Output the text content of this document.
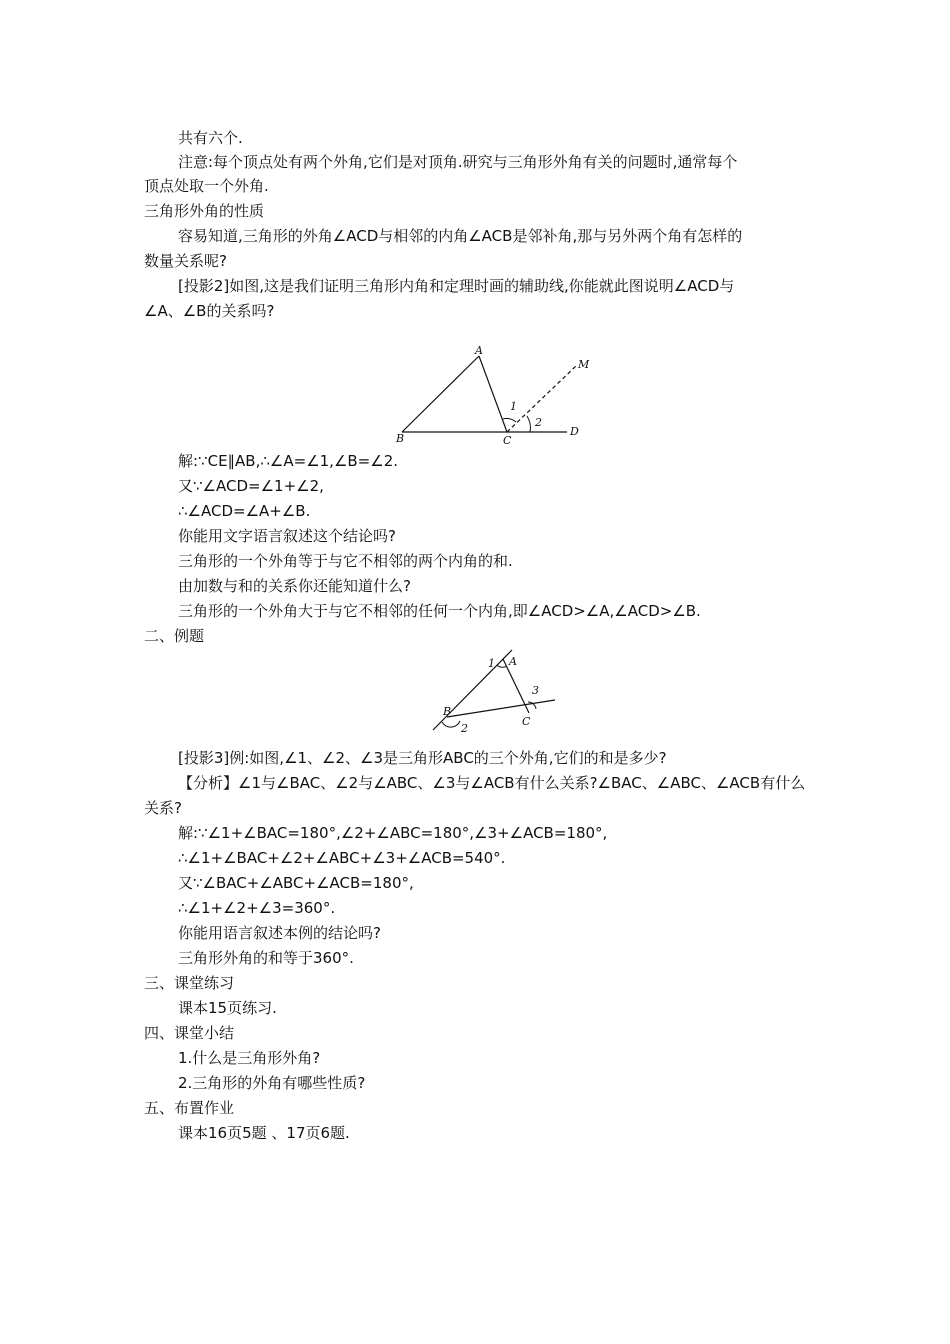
共有六个.
注意:每个顶点处有两个外角,它们是对顶角.研究与三角形外角有关的问题时,通常每个
顶点处取一个外角.
三角形外角的性质
容易知道,三角形的外角∠ACD与相邻的内角∠ACB是邻补角,那与另外两个角有怎样的
数量关系呢?
[投影2]如图,这是我们证明三角形内角和定理时画的辅助线,你能就此图说明∠ACD与
∠A、∠B的关系吗?
A
B	C
D
M
1
2
解:∵CE∥AB,∴∠A=∠1,∠B=∠2.
又∵∠ACD=∠1+∠2,
∴∠ACD=∠A+∠B.
你能用文字语言叙述这个结论吗?
三角形的一个外角等于与它不相邻的两个内角的和.
由加数与和的关系你还能知道什么?
三角形的一个外角大于与它不相邻的任何一个内角,即∠ACD>∠A,∠ACD>∠B.
二、例题
A
B
C
1
2
3
[投影3]例:如图,∠1、∠2、∠3是三角形ABC的三个外角,它们的和是多少?
【分析】∠1与∠BAC、∠2与∠ABC、∠3与∠ACB有什么关系?∠BAC、∠ABC、∠ACB有什么
关系?
解:∵∠1+∠BAC=180°,∠2+∠ABC=180°,∠3+∠ACB=180°,
∴∠1+∠BAC+∠2+∠ABC+∠3+∠ACB=540°.
又∵∠BAC+∠ABC+∠ACB=180°,
∴∠1+∠2+∠3=360°.
你能用语言叙述本例的结论吗?
三角形外角的和等于360°.
三、课堂练习
课本15页练习.
四、课堂小结
1.什么是三角形外角?
2.三角形的外角有哪些性质?
五、布置作业
课本16页5题 、17页6题.
